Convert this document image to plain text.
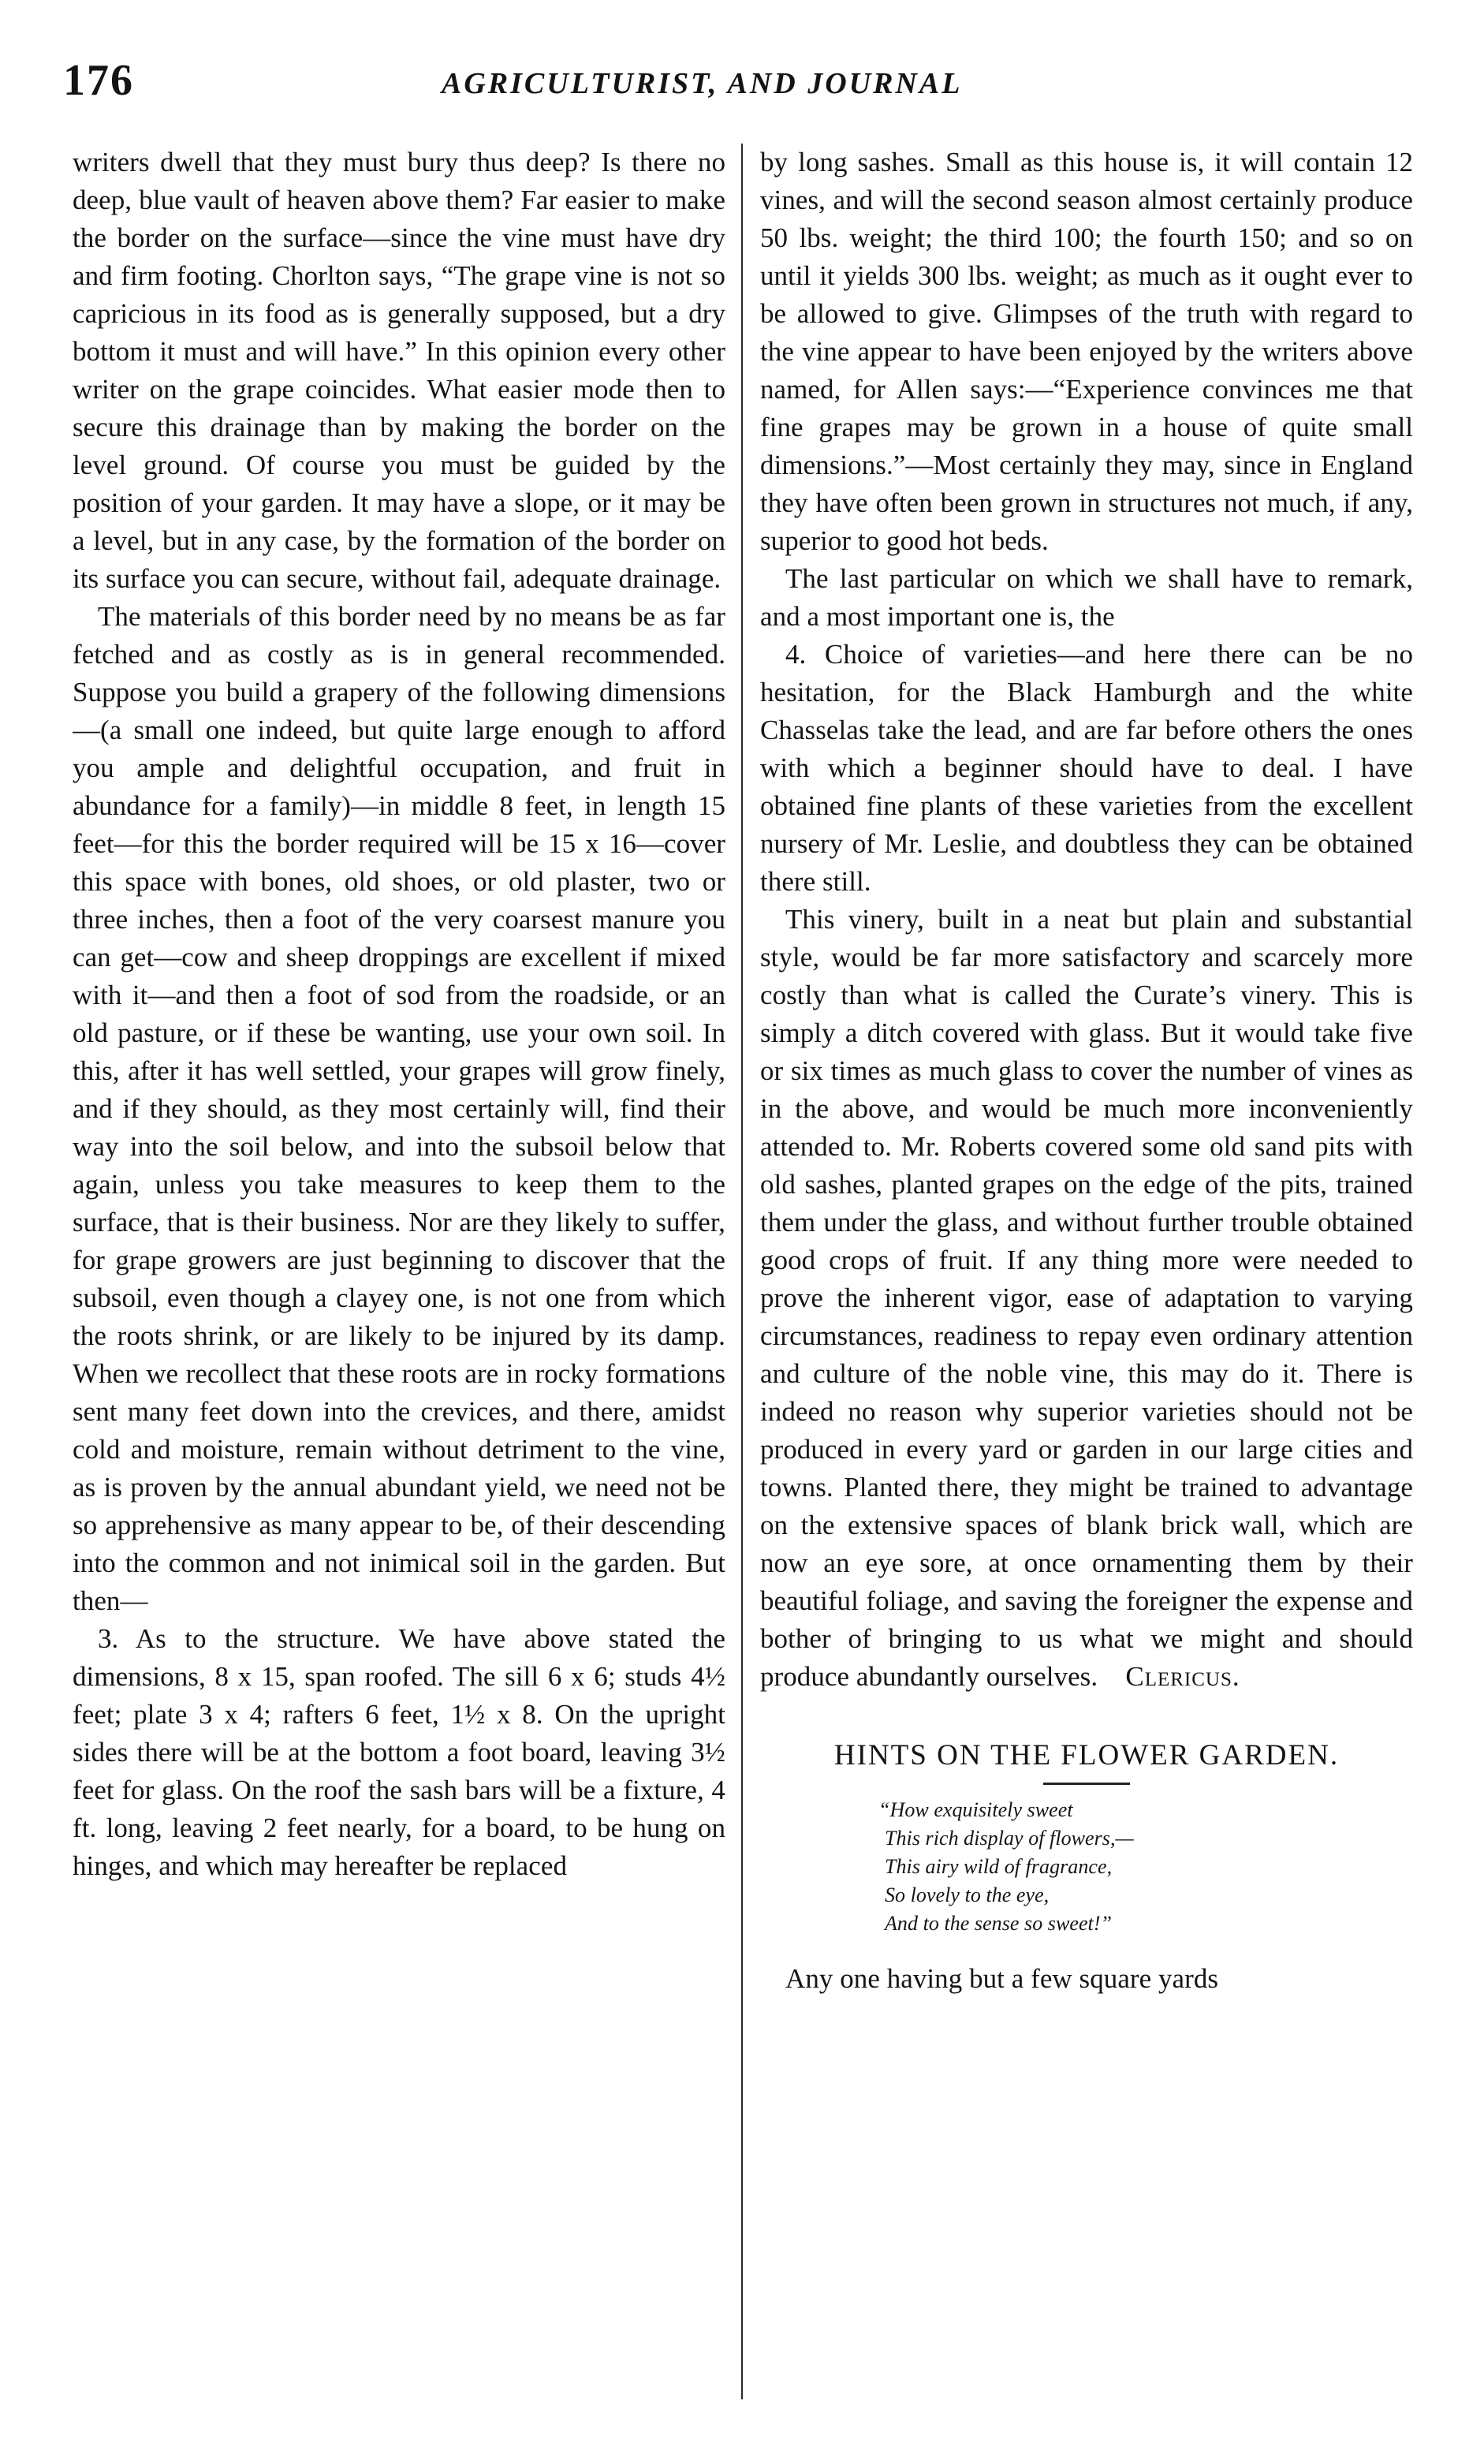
176	AGRICULTURIST, AND JOURNAL

writers dwell that they must bury thus deep? Is there no deep, blue vault of heaven above them? Far easier to make the border on the surface—since the vine must have dry and firm footing. Chorlton says, “The grape vine is not so capricious in its food as is generally supposed, but a dry bottom it must and will have.” In this opinion every other writer on the grape coincides. What easier mode then to secure this drainage than by making the border on the level ground. Of course you must be guided by the position of your garden. It may have a slope, or it may be a level, but in any case, by the formation of the border on its surface you can secure, without fail, adequate drainage.

The materials of this border need by no means be as far fetched and as costly as is in general recommended. Suppose you build a grapery of the following dimensions—(a small one indeed, but quite large enough to afford you ample and delightful occupation, and fruit in abundance for a family)—in middle 8 feet, in length 15 feet—for this the border required will be 15 x 16—cover this space with bones, old shoes, or old plaster, two or three inches, then a foot of the very coarsest manure you can get—cow and sheep droppings are excellent if mixed with it—and then a foot of sod from the roadside, or an old pasture, or if these be wanting, use your own soil. In this, after it has well settled, your grapes will grow finely, and if they should, as they most certainly will, find their way into the soil below, and into the subsoil below that again, unless you take measures to keep them to the surface, that is their business. Nor are they likely to suffer, for grape growers are just beginning to discover that the subsoil, even though a clayey one, is not one from which the roots shrink, or are likely to be injured by its damp. When we recollect that these roots are in rocky formations sent many feet down into the crevices, and there, amidst cold and moisture, remain without detriment to the vine, as is proven by the annual abundant yield, we need not be so apprehensive as many appear to be, of their descending into the common and not inimical soil in the garden. But then—

3. As to the structure. We have above stated the dimensions, 8 x 15, span roofed. The sill 6 x 6; studs 4½ feet; plate 3 x 4; rafters 6 feet, 1½ x 8. On the upright sides there will be at the bottom a foot board, leaving 3½ feet for glass. On the roof the sash bars will be a fixture, 4 ft. long, leaving 2 feet nearly, for a board, to be hung on hinges, and which may hereafter be replaced

by long sashes. Small as this house is, it will contain 12 vines, and will the second season almost certainly produce 50 lbs. weight; the third 100; the fourth 150; and so on until it yields 300 lbs. weight; as much as it ought ever to be allowed to give. Glimpses of the truth with regard to the vine appear to have been enjoyed by the writers above named, for Allen says:—“Experience convinces me that fine grapes may be grown in a house of quite small dimensions.”—Most certainly they may, since in England they have often been grown in structures not much, if any, superior to good hot beds.

The last particular on which we shall have to remark, and a most important one is, the

4. Choice of varieties—and here there can be no hesitation, for the Black Hamburgh and the white Chasselas take the lead, and are far before others the ones with which a beginner should have to deal. I have obtained fine plants of these varieties from the excellent nursery of Mr. Leslie, and doubtless they can be obtained there still.

This vinery, built in a neat but plain and substantial style, would be far more satisfactory and scarcely more costly than what is called the Curate’s vinery. This is simply a ditch covered with glass. But it would take five or six times as much glass to cover the number of vines as in the above, and would be much more inconveniently attended to. Mr. Roberts covered some old sand pits with old sashes, planted grapes on the edge of the pits, trained them under the glass, and without further trouble obtained good crops of fruit. If any thing more were needed to prove the inherent vigor, ease of adaptation to varying circumstances, readiness to repay even ordinary attention and culture of the noble vine, this may do it. There is indeed no reason why superior varieties should not be produced in every yard or garden in our large cities and towns. Planted there, they might be trained to advantage on the extensive spaces of blank brick wall, which are now an eye sore, at once ornamenting them by their beautiful foliage, and saving the foreigner the expense and bother of bringing to us what we might and should produce abundantly ourselves. Clericus.

HINTS ON THE FLOWER GARDEN.
“How exquisitely sweet
This rich display of flowers,—
This airy wild of fragrance,
So lovely to the eye,
And to the sense so sweet!”

Any one having but a few square yards
